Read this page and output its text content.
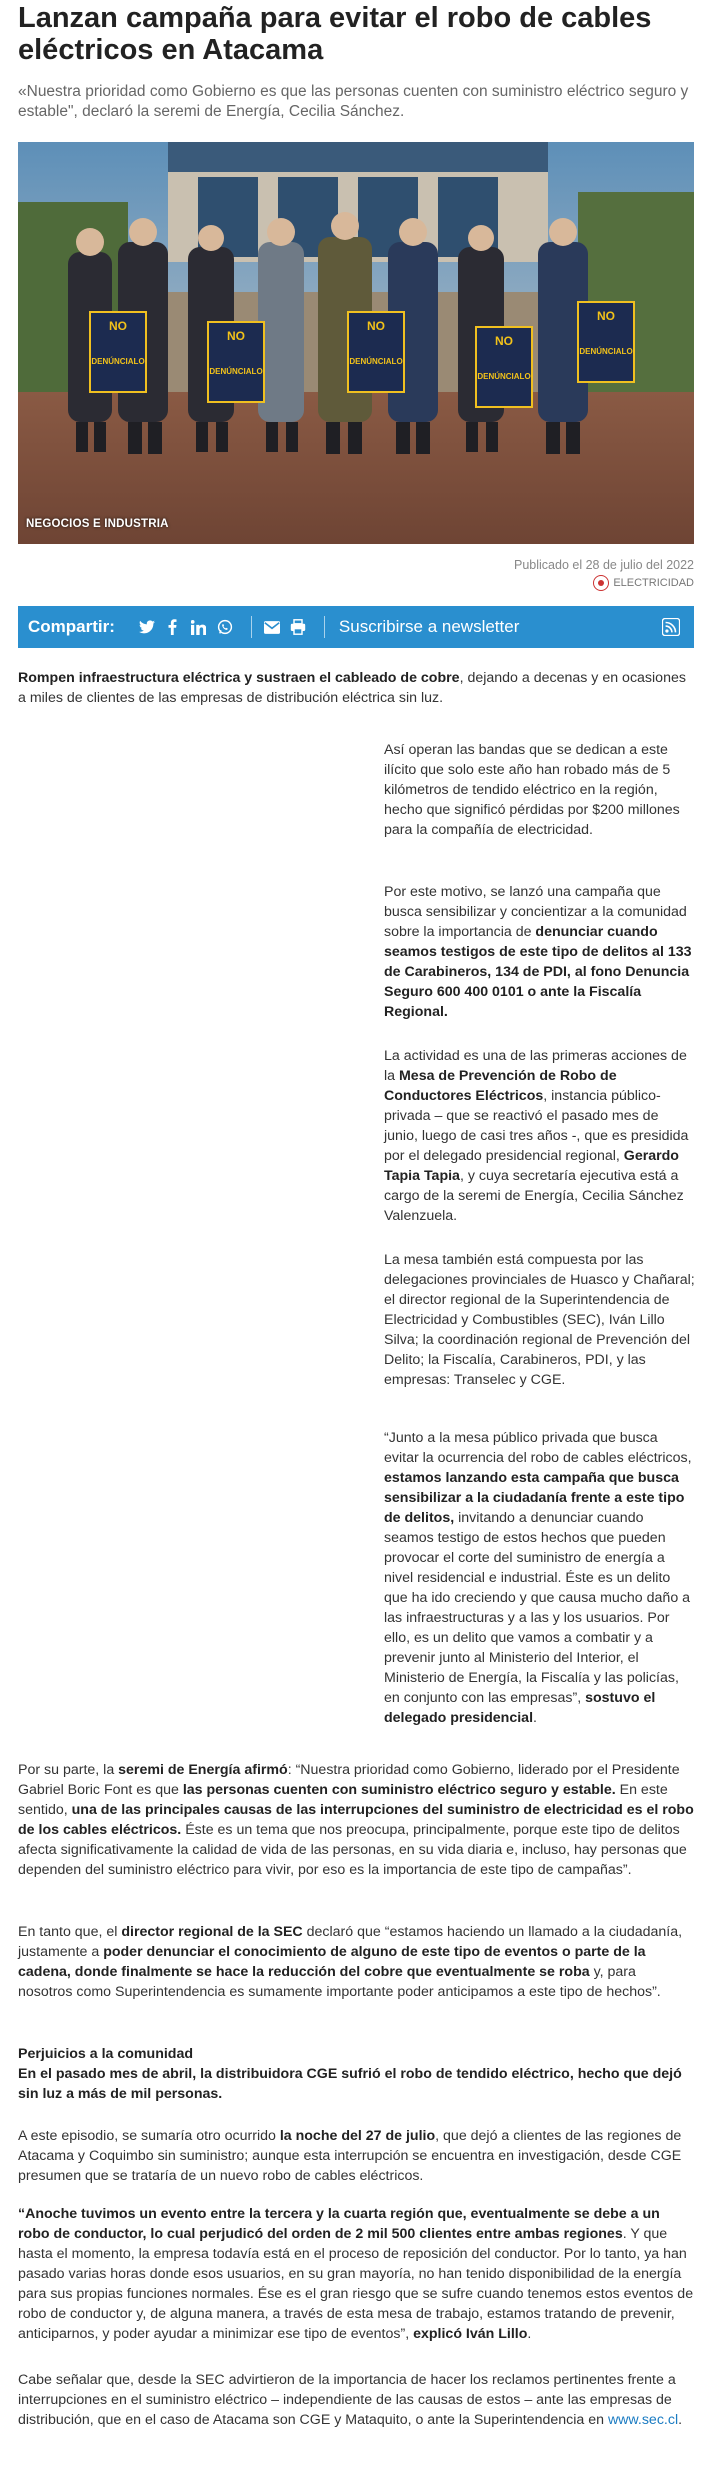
Lanzan campaña para evitar el robo de cables eléctricos en Atacama

«Nuestra prioridad como Gobierno es que las personas cuenten con suministro eléctrico seguro y estable", declaró la seremi de Energía, Cecilia Sánchez.

NO
DENÚNCIALO
NO
DENÚNCIALO
NO
DENÚNCIALO
NO
DENÚNCIALO
NO
DENÚNCIALO
NEGOCIOS E INDUSTRIA
Publicado el 28 de julio del 2022
ELECTRICIDAD
Compartir:	Suscribirse a newsletter

Rompen infraestructura eléctrica y sustraen el cableado de cobre, dejando a decenas y en ocasiones a miles de clientes de las empresas de distribución eléctrica sin luz.

Así operan las bandas que se dedican a este ilícito que solo este año han robado más de 5 kilómetros de tendido eléctrico en la región, hecho que significó pérdidas por $200 millones para la compañía de electricidad.

Por este motivo, se lanzó una campaña que busca sensibilizar y concientizar a la comunidad sobre la importancia de denunciar cuando seamos testigos de este tipo de delitos al 133 de Carabineros, 134 de PDI, al fono Denuncia Seguro 600 400 0101 o ante la Fiscalía Regional.

La actividad es una de las primeras acciones de la Mesa de Prevención de Robo de Conductores Eléctricos, instancia público-privada – que se reactivó el pasado mes de junio, luego de casi tres años -, que es presidida por el delegado presidencial regional, Gerardo Tapia Tapia, y cuya secretaría ejecutiva está a cargo de la seremi de Energía, Cecilia Sánchez Valenzuela.

La mesa también está compuesta por las delegaciones provinciales de Huasco y Chañaral; el director regional de la Superintendencia de Electricidad y Combustibles (SEC), Iván Lillo Silva; la coordinación regional de Prevención del Delito; la Fiscalía, Carabineros, PDI, y las empresas: Transelec y CGE.

“Junto a la mesa público privada que busca evitar la ocurrencia del robo de cables eléctricos, estamos lanzando esta campaña que busca sensibilizar a la ciudadanía frente a este tipo de delitos, invitando a denunciar cuando seamos testigo de estos hechos que pueden provocar el corte del suministro de energía a nivel residencial e industrial. Éste es un delito que ha ido creciendo y que causa mucho daño a las infraestructuras y a las y los usuarios. Por ello, es un delito que vamos a combatir y a prevenir junto al Ministerio del Interior, el Ministerio de Energía, la Fiscalía y las policías, en conjunto con las empresas”, sostuvo el delegado presidencial.

Por su parte, la seremi de Energía afirmó: “Nuestra prioridad como Gobierno, liderado por el Presidente Gabriel Boric Font es que las personas cuenten con suministro eléctrico seguro y estable. En este sentido, una de las principales causas de las interrupciones del suministro de electricidad es el robo de los cables eléctricos. Éste es un tema que nos preocupa, principalmente, porque este tipo de delitos afecta significativamente la calidad de vida de las personas, en su vida diaria e, incluso, hay personas que dependen del suministro eléctrico para vivir, por eso es la importancia de este tipo de campañas”.

En tanto que, el director regional de la SEC declaró que “estamos haciendo un llamado a la ciudadanía, justamente a poder denunciar el conocimiento de alguno de este tipo de eventos o parte de la cadena, donde finalmente se hace la reducción del cobre que eventualmente se roba y, para nosotros como Superintendencia es sumamente importante poder anticipamos a este tipo de hechos”.

Perjuicios a la comunidad
En el pasado mes de abril, la distribuidora CGE sufrió el robo de tendido eléctrico, hecho que dejó sin luz a más de mil personas.

A este episodio, se sumaría otro ocurrido la noche del 27 de julio, que dejó a clientes de las regiones de Atacama y Coquimbo sin suministro; aunque esta interrupción se encuentra en investigación, desde CGE presumen que se trataría de un nuevo robo de cables eléctricos.

“Anoche tuvimos un evento entre la tercera y la cuarta región que, eventualmente se debe a un robo de conductor, lo cual perjudicó del orden de 2 mil 500 clientes entre ambas regiones. Y que hasta el momento, la empresa todavía está en el proceso de reposición del conductor. Por lo tanto, ya han pasado varias horas donde esos usuarios, en su gran mayoría, no han tenido disponibilidad de la energía para sus propias funciones normales. Ése es el gran riesgo que se sufre cuando tenemos estos eventos de robo de conductor y, de alguna manera, a través de esta mesa de trabajo, estamos tratando de prevenir, anticiparnos, y poder ayudar a minimizar ese tipo de eventos”, explicó Iván Lillo.

Cabe señalar que, desde la SEC advirtieron de la importancia de hacer los reclamos pertinentes frente a interrupciones en el suministro eléctrico – independiente de las causas de estos – ante las empresas de distribución, que en el caso de Atacama son CGE y Mataquito, o ante la Superintendencia en www.sec.cl.
